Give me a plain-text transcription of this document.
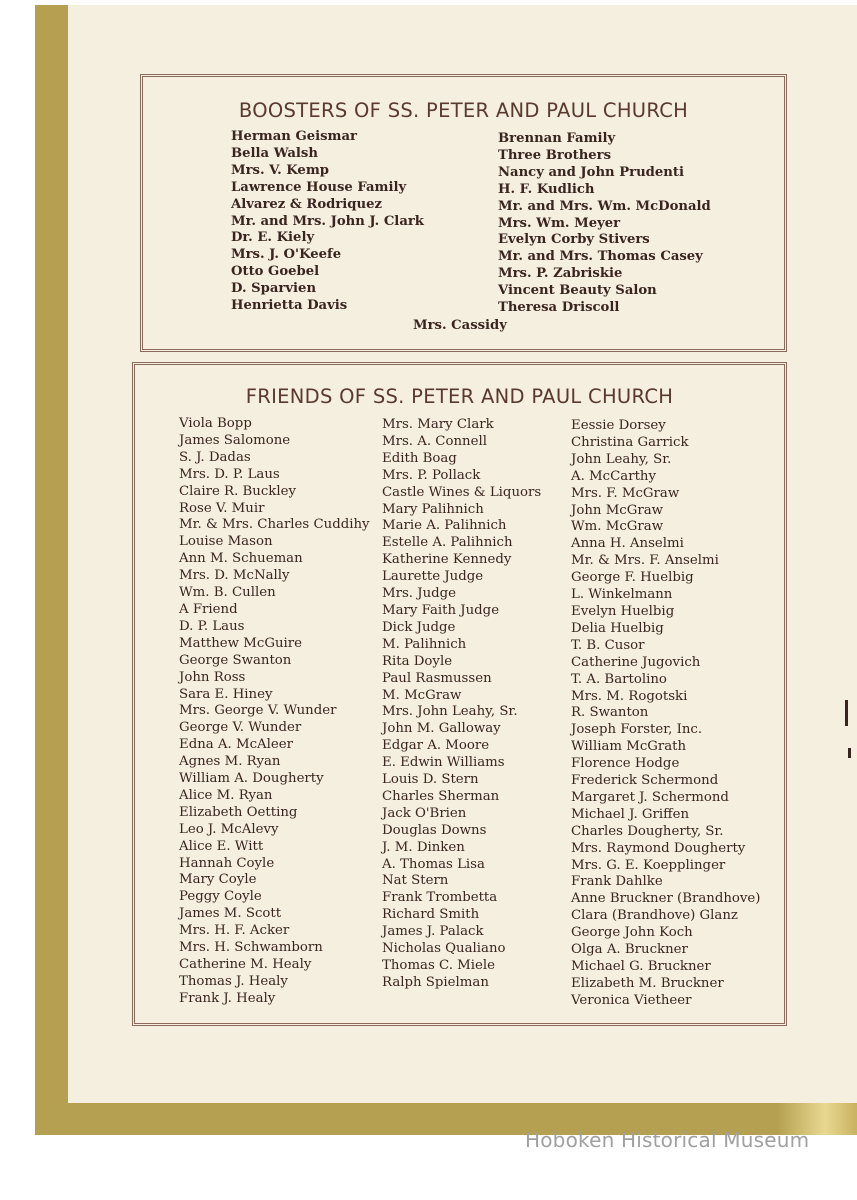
BOOSTERS OF SS. PETER AND PAUL CHURCH
Herman Geismar
Bella Walsh
Mrs. V. Kemp
Lawrence House Family
Alvarez & Rodriquez
Mr. and Mrs. John J. Clark
Dr. E. Kiely
Mrs. J. O'Keefe
Otto Goebel
D. Sparvien
Henrietta Davis
Brennan Family
Three Brothers
Nancy and John Prudenti
H. F. Kudlich
Mr. and Mrs. Wm. McDonald
Mrs. Wm. Meyer
Evelyn Corby Stivers
Mr. and Mrs. Thomas Casey
Mrs. P. Zabriskie
Vincent Beauty Salon
Theresa Driscoll
Mrs. Cassidy
FRIENDS OF SS. PETER AND PAUL CHURCH
Viola Bopp
James Salomone
S. J. Dadas
Mrs. D. P. Laus
Claire R. Buckley
Rose V. Muir
Mr. & Mrs. Charles Cuddihy
Louise Mason
Ann M. Schueman
Mrs. D. McNally
Wm. B. Cullen
A Friend
D. P. Laus
Matthew McGuire
George Swanton
John Ross
Sara E. Hiney
Mrs. George V. Wunder
George V. Wunder
Edna A. McAleer
Agnes M. Ryan
William A. Dougherty
Alice M. Ryan
Elizabeth Oetting
Leo J. McAlevy
Alice E. Witt
Hannah Coyle
Mary Coyle
Peggy Coyle
James M. Scott
Mrs. H. F. Acker
Mrs. H. Schwamborn
Catherine M. Healy
Thomas J. Healy
Frank J. Healy
Mrs. Mary Clark
Mrs. A. Connell
Edith Boag
Mrs. P. Pollack
Castle Wines & Liquors
Mary Palihnich
Marie A. Palihnich
Estelle A. Palihnich
Katherine Kennedy
Laurette Judge
Mrs. Judge
Mary Faith Judge
Dick Judge
M. Palihnich
Rita Doyle
Paul Rasmussen
M. McGraw
Mrs. John Leahy, Sr.
John M. Galloway
Edgar A. Moore
E. Edwin Williams
Louis D. Stern
Charles Sherman
Jack O'Brien
Douglas Downs
J. M. Dinken
A. Thomas Lisa
Nat Stern
Frank Trombetta
Richard Smith
James J. Palack
Nicholas Qualiano
Thomas C. Miele
Ralph Spielman
Eessie Dorsey
Christina Garrick
John Leahy, Sr.
A. McCarthy
Mrs. F. McGraw
John McGraw
Wm. McGraw
Anna H. Anselmi
Mr. & Mrs. F. Anselmi
George F. Huelbig
L. Winkelmann
Evelyn Huelbig
Delia Huelbig
T. B. Cusor
Catherine Jugovich
T. A. Bartolino
Mrs. M. Rogotski
R. Swanton
Joseph Forster, Inc.
William McGrath
Florence Hodge
Frederick Schermond
Margaret J. Schermond
Michael J. Griffen
Charles Dougherty, Sr.
Mrs. Raymond Dougherty
Mrs. G. E. Koepplinger
Frank Dahlke
Anne Bruckner (Brandhove)
Clara (Brandhove) Glanz
George John Koch
Olga A. Bruckner
Michael G. Bruckner
Elizabeth M. Bruckner
Veronica Vietheer
Hoboken Historical Museum
